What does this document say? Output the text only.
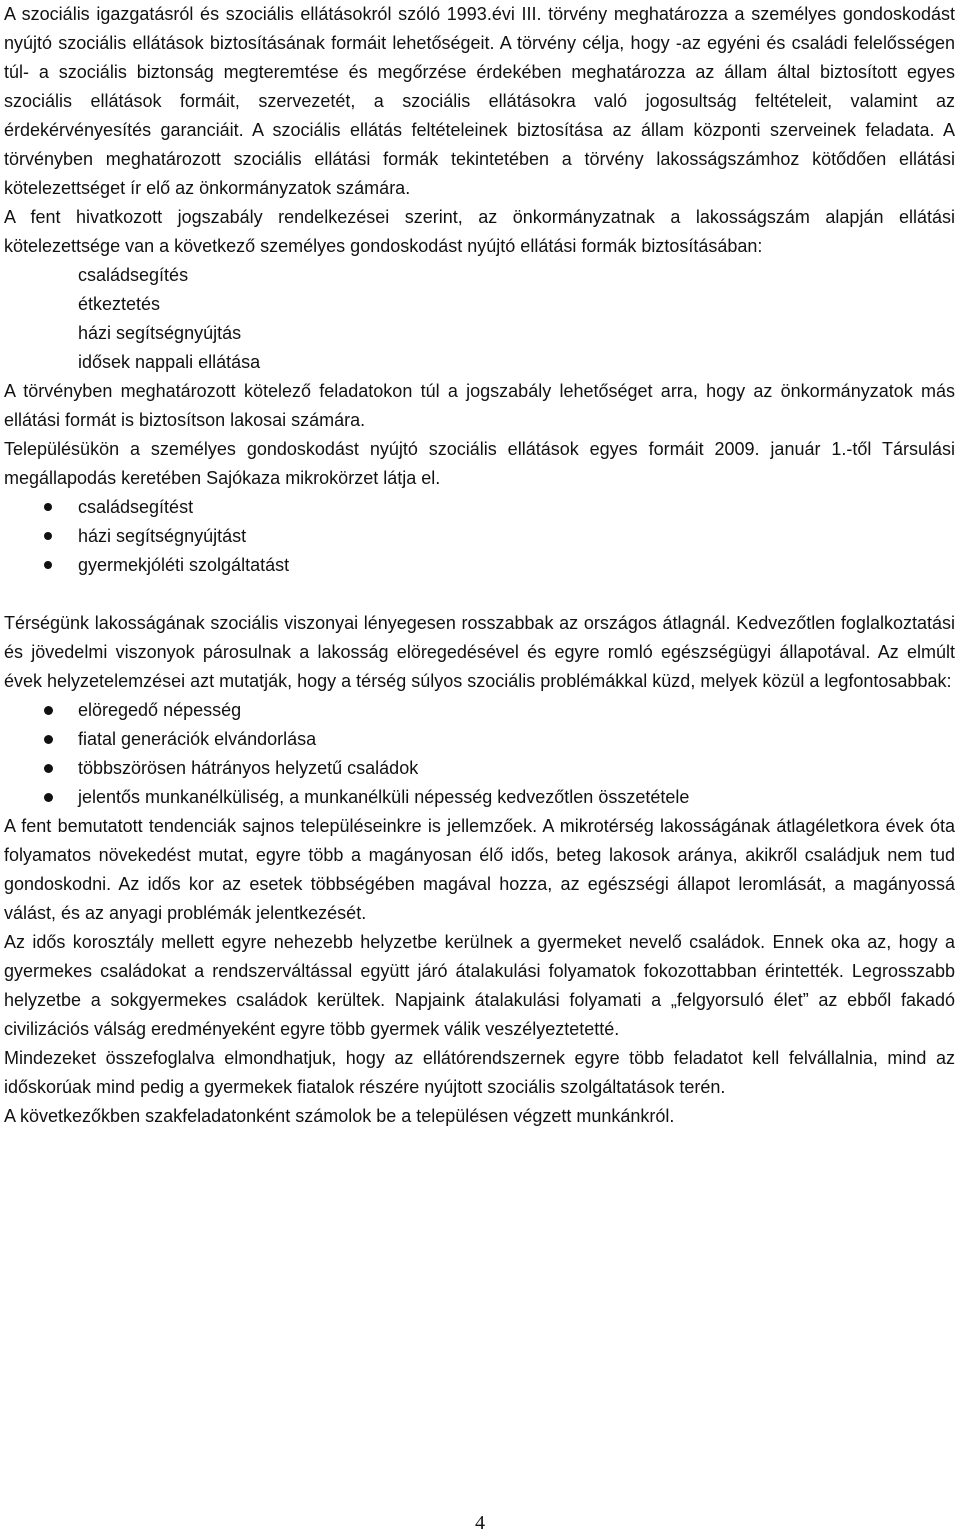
A szociális igazgatásról és szociális ellátásokról szóló 1993.évi III. törvény meghatározza a személyes gondoskodást nyújtó szociális ellátások biztosításának formáit lehetőségeit. A törvény célja, hogy -az egyéni és családi felelősségen túl- a szociális biztonság megteremtése és megőrzése érdekében meghatározza az állam által biztosított egyes szociális ellátások formáit, szervezetét, a szociális ellátásokra való jogosultság feltételeit, valamint az érdekérvényesítés garanciáit. A szociális ellátás feltételeinek biztosítása az állam központi szerveinek feladata. A törvényben meghatározott szociális ellátási formák tekintetében a törvény lakosságszámhoz kötődően ellátási kötelezettséget ír elő az önkormányzatok számára.

A fent hivatkozott jogszabály rendelkezései szerint, az önkormányzatnak a lakosságszám alapján ellátási kötelezettsége van a következő személyes gondoskodást nyújtó ellátási formák biztosításában:

családsegítés
étkeztetés
házi segítségnyújtás
idősek nappali ellátása

A törvényben meghatározott kötelező feladatokon túl a jogszabály lehetőséget arra, hogy az önkormányzatok más ellátási formát is biztosítson lakosai számára.

Településükön a személyes gondoskodást nyújtó szociális ellátások egyes formáit 2009. január 1.-től Társulási megállapodás keretében Sajókaza mikrokörzet látja el.

családsegítést
házi segítségnyújtást
gyermekjóléti szolgáltatást

Térségünk lakosságának szociális viszonyai lényegesen rosszabbak az országos átlagnál. Kedvezőtlen foglalkoztatási és jövedelmi viszonyok párosulnak a lakosság elöregedésével és egyre romló egészségügyi állapotával. Az elmúlt évek helyzetelemzései azt mutatják, hogy a térség súlyos szociális problémákkal küzd, melyek közül a legfontosabbak:

elöregedő népesség
fiatal generációk elvándorlása
többszörösen hátrányos helyzetű családok
jelentős munkanélküliség, a munkanélküli népesség kedvezőtlen összetétele

A fent bemutatott tendenciák sajnos településeinkre is jellemzőek. A mikrotérség lakosságának átlagéletkora évek óta folyamatos növekedést mutat, egyre több a magányosan élő idős, beteg lakosok aránya, akikről családjuk nem tud gondoskodni. Az idős kor az esetek többségében magával hozza, az egészségi állapot leromlását, a magányossá válást, és az anyagi problémák jelentkezését.

Az idős korosztály mellett egyre nehezebb helyzetbe kerülnek a gyermeket nevelő családok. Ennek oka az, hogy a gyermekes családokat a rendszerváltással együtt járó átalakulási folyamatok fokozottabban érintették. Legrosszabb helyzetbe a sokgyermekes családok kerültek. Napjaink átalakulási folyamati a „felgyorsuló élet” az ebből fakadó civilizációs válság eredményeként egyre több gyermek válik veszélyeztetetté.

Mindezeket összefoglalva elmondhatjuk, hogy az ellátórendszernek egyre több feladatot kell felvállalnia, mind az időskorúak mind pedig a gyermekek fiatalok részére nyújtott szociális szolgáltatások terén.

A következőkben szakfeladatonként számolok be a településen végzett munkánkról.

4
